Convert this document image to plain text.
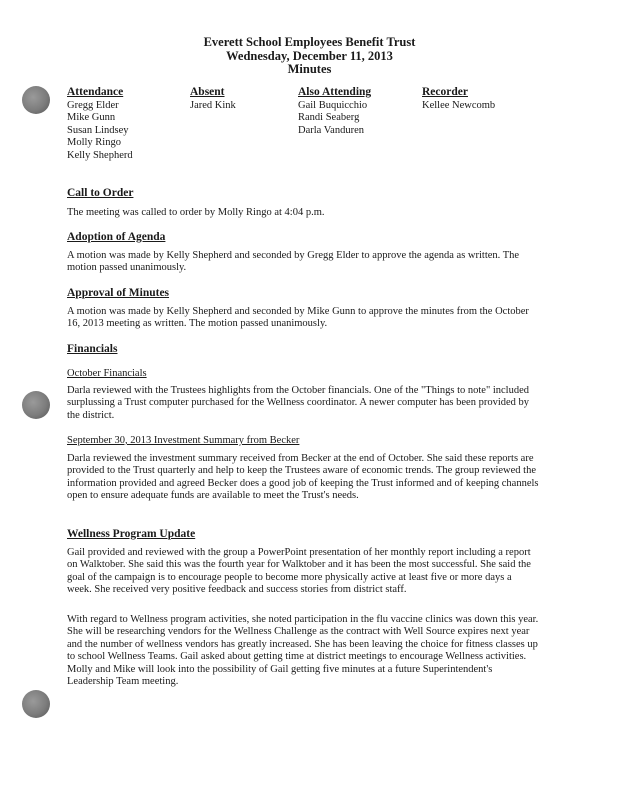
Everett School Employees Benefit Trust
Wednesday, December 11, 2013
Minutes
Attendance
Gregg Elder
Mike Gunn
Susan Lindsey
Molly Ringo
Kelly Shepherd
Absent
Jared Kink
Also Attending
Gail Buquicchio
Randi Seaberg
Darla Vanduren
Recorder
Kellee Newcomb
Call to Order
The meeting was called to order by Molly Ringo at 4:04 p.m.
Adoption of Agenda
A motion was made by Kelly Shepherd and seconded by Gregg Elder to approve the agenda as written. The motion passed unanimously.
Approval of Minutes
A motion was made by Kelly Shepherd and seconded by Mike Gunn to approve the minutes from the October 16, 2013 meeting as written. The motion passed unanimously.
Financials
October Financials
Darla reviewed with the Trustees highlights from the October financials. One of the "Things to note" included surplussing a Trust computer purchased for the Wellness coordinator. A newer computer has been provided by the district.
September 30, 2013 Investment Summary from Becker
Darla reviewed the investment summary received from Becker at the end of October. She said these reports are provided to the Trust quarterly and help to keep the Trustees aware of economic trends. The group reviewed the information provided and agreed Becker does a good job of keeping the Trust informed and of keeping channels open to ensure adequate funds are available to meet the Trust's needs.
Wellness Program Update
Gail provided and reviewed with the group a PowerPoint presentation of her monthly report including a report on Walktober. She said this was the fourth year for Walktober and it has been the most successful. She said the goal of the campaign is to encourage people to become more physically active at least five or more days a week. She received very positive feedback and success stories from district staff.
With regard to Wellness program activities, she noted participation in the flu vaccine clinics was down this year. She will be researching vendors for the Wellness Challenge as the contract with Well Source expires next year and the number of wellness vendors has greatly increased. She has been leaving the choice for fitness classes up to school Wellness Teams. Gail asked about getting time at district meetings to encourage Wellness activities. Molly and Mike will look into the possibility of Gail getting five minutes at a future Superintendent's Leadership Team meeting.
